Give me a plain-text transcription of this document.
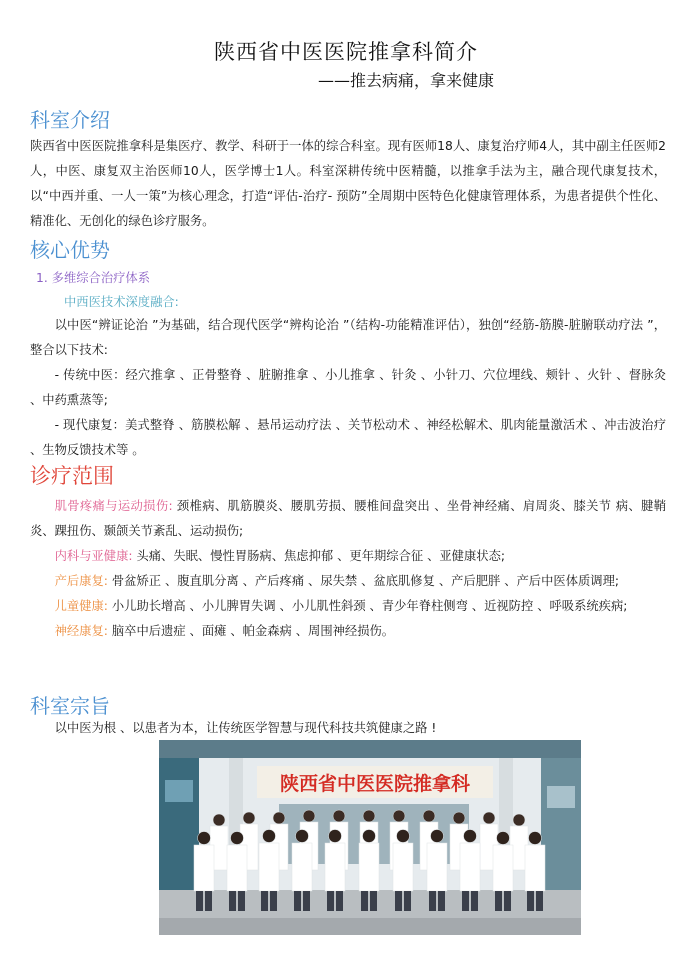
陕西省中医医院推拿科简介
——推去病痛，拿来健康
科室介绍

陕西省中医医院推拿科是集医疗、教学、科研于一体的综合科室。现有医师18人、康复治疗师4人，其中副主任医师2人，中医、康复双主治医师10人，医学博士1人。科室深耕传统中医精髓，以推拿手法为主，融合现代康复技术，以“中西并重、一人一策”为核心理念，打造“评估-治疗- 预防”全周期中医特色化健康管理体系，为患者提供个性化、精准化、无创化的绿色诊疗服务。

核心优势
1. 多维综合治疗体系
中西医技术深度融合:

以中医“辨证论治 ”为基础，结合现代医学“辨构论治 ”（结构-功能精准评估），独创“经筋-筋膜-脏腑联动疗法 ”，整合以下技术:

- 传统中医：经穴推拿 、正骨整脊 、脏腑推拿 、小儿推拿 、针灸 、小针刀、穴位埋线、颊针 、火针 、督脉灸 、中药熏蒸等;

- 现代康复：美式整脊 、筋膜松解 、悬吊运动疗法 、关节松动术 、神经松解术、肌肉能量激活术 、冲击波治疗 、生物反馈技术等 。

诊疗范围

肌骨疼痛与运动损伤: 颈椎病、肌筋膜炎、腰肌劳损、腰椎间盘突出 、坐骨神经痛、肩周炎、膝关节 病、腱鞘炎、踝扭伤、颞颌关节紊乱、运动损伤;

内科与亚健康: 头痛、失眠、慢性胃肠病、焦虑抑郁 、更年期综合征 、亚健康状态;

产后康复: 骨盆矫正 、腹直肌分离 、产后疼痛 、尿失禁 、盆底肌修复 、产后肥胖 、产后中医体质调理;

儿童健康: 小儿助长增高 、小儿脾胃失调 、小儿肌性斜颈 、青少年脊柱侧弯 、近视防控 、呼吸系统疾病;

神经康复: 脑卒中后遗症 、面瘫 、帕金森病 、周围神经损伤。

科室宗旨

以中医为根 、以患者为本，让传统医学智慧与现代科技共筑健康之路 !

陕西省中医医院推拿科
